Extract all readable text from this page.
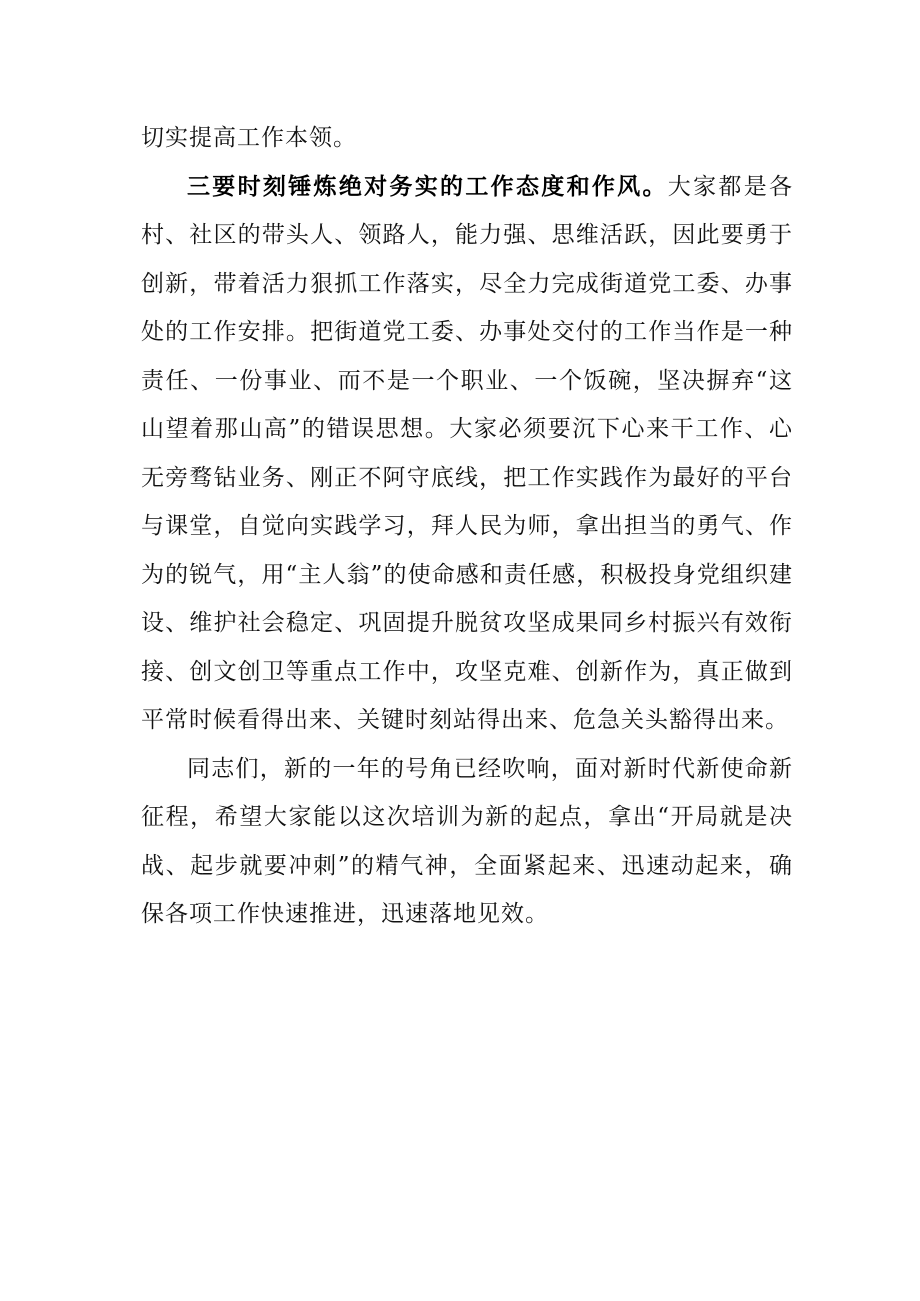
切实提高工作本领。

三要时刻锤炼绝对务实的工作态度和作风。大家都是各村、社区的带头人、领路人，能力强、思维活跃，因此要勇于创新，带着活力狠抓工作落实，尽全力完成街道党工委、办事处的工作安排。把街道党工委、办事处交付的工作当作是一种责任、一份事业、而不是一个职业、一个饭碗，坚决摒弃“这山望着那山高”的错误思想。大家必须要沉下心来干工作、心无旁骛钻业务、刚正不阿守底线，把工作实践作为最好的平台与课堂，自觉向实践学习，拜人民为师，拿出担当的勇气、作为的锐气，用“主人翁”的使命感和责任感，积极投身党组织建设、维护社会稳定、巩固提升脱贫攻坚成果同乡村振兴有效衔接、创文创卫等重点工作中，攻坚克难、创新作为，真正做到平常时候看得出来、关键时刻站得出来、危急关头豁得出来。

同志们，新的一年的号角已经吹响，面对新时代新使命新征程，希望大家能以这次培训为新的起点，拿出“开局就是决战、起步就要冲刺”的精气神，全面紧起来、迅速动起来，确保各项工作快速推进，迅速落地见效。
